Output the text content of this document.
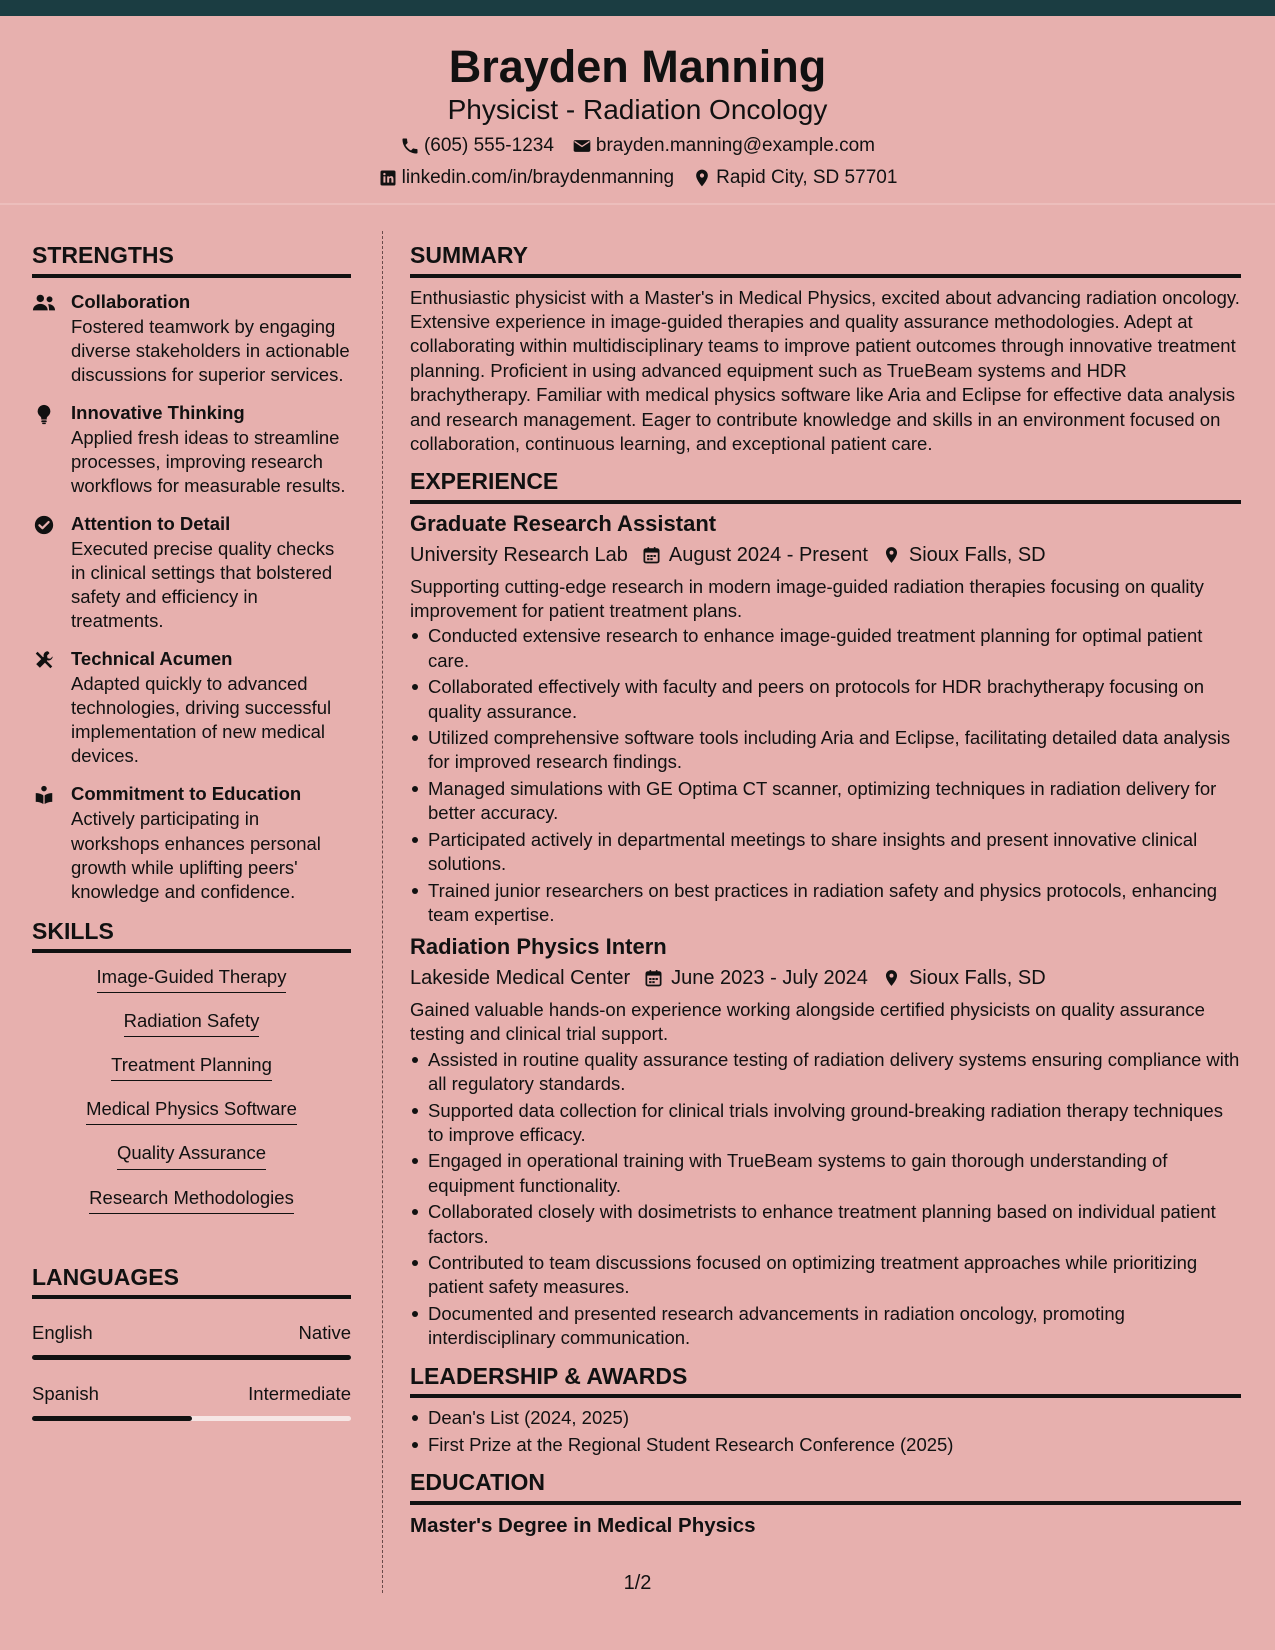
Brayden Manning
Physicist - Radiation Oncology
(605) 555-1234 brayden.manning@example.com
linkedin.com/in/braydenmanning Rapid City, SD 57701
STRENGTHS
Collaboration
Fostered teamwork by engaging diverse stakeholders in actionable discussions for superior services.
Innovative Thinking
Applied fresh ideas to streamline processes, improving research workflows for measurable results.
Attention to Detail
Executed precise quality checks in clinical settings that bolstered safety and efficiency in treatments.
Technical Acumen
Adapted quickly to advanced technologies, driving successful implementation of new medical devices.
Commitment to Education
Actively participating in workshops enhances personal growth while uplifting peers' knowledge and confidence.
SKILLS
Image-Guided Therapy
Radiation Safety
Treatment Planning
Medical Physics Software
Quality Assurance
Research Methodologies
LANGUAGES
English	Native
Spanish	Intermediate
SUMMARY
Enthusiastic physicist with a Master's in Medical Physics, excited about advancing radiation oncology. Extensive experience in image-guided therapies and quality assurance methodologies. Adept at collaborating within multidisciplinary teams to improve patient outcomes through innovative treatment planning. Proficient in using advanced equipment such as TrueBeam systems and HDR brachytherapy. Familiar with medical physics software like Aria and Eclipse for effective data analysis and research management. Eager to contribute knowledge and skills in an environment focused on collaboration, continuous learning, and exceptional patient care.
EXPERIENCE
Graduate Research Assistant
University Research Lab August 2024 - Present Sioux Falls, SD
Supporting cutting-edge research in modern image-guided radiation therapies focusing on quality improvement for patient treatment plans.
Conducted extensive research to enhance image-guided treatment planning for optimal patient care.
Collaborated effectively with faculty and peers on protocols for HDR brachytherapy focusing on quality assurance.
Utilized comprehensive software tools including Aria and Eclipse, facilitating detailed data analysis for improved research findings.
Managed simulations with GE Optima CT scanner, optimizing techniques in radiation delivery for better accuracy.
Participated actively in departmental meetings to share insights and present innovative clinical solutions.
Trained junior researchers on best practices in radiation safety and physics protocols, enhancing team expertise.
Radiation Physics Intern
Lakeside Medical Center June 2023 - July 2024 Sioux Falls, SD
Gained valuable hands-on experience working alongside certified physicists on quality assurance testing and clinical trial support.
Assisted in routine quality assurance testing of radiation delivery systems ensuring compliance with all regulatory standards.
Supported data collection for clinical trials involving ground-breaking radiation therapy techniques to improve efficacy.
Engaged in operational training with TrueBeam systems to gain thorough understanding of equipment functionality.
Collaborated closely with dosimetrists to enhance treatment planning based on individual patient factors.
Contributed to team discussions focused on optimizing treatment approaches while prioritizing patient safety measures.
Documented and presented research advancements in radiation oncology, promoting interdisciplinary communication.
LEADERSHIP & AWARDS
Dean's List (2024, 2025)
First Prize at the Regional Student Research Conference (2025)
EDUCATION
Master's Degree in Medical Physics
1/2
